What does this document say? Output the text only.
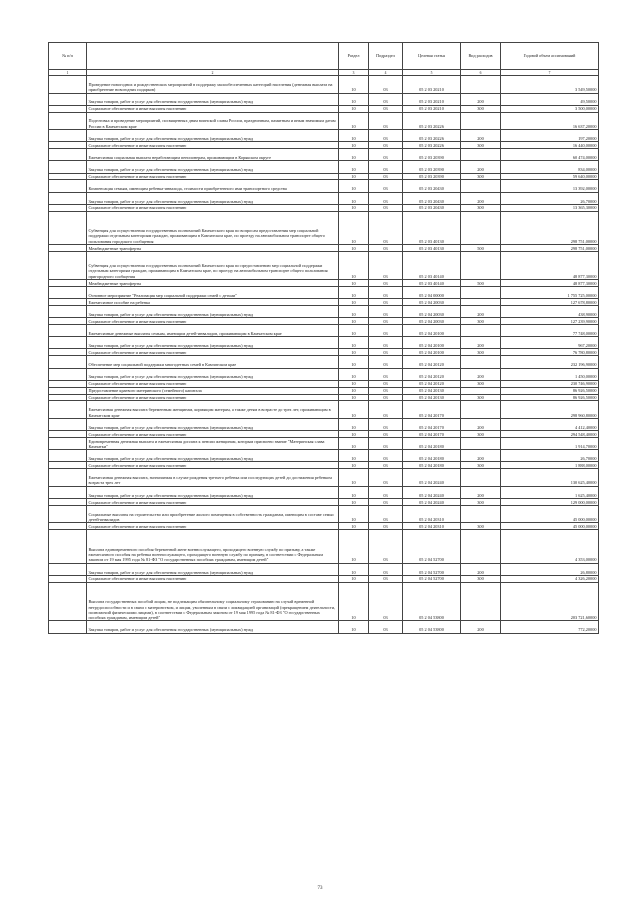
№ п/п		Раздел	Подраздел	Целевая статья	Вид расходов	Годовой объем ассигнований
1	2	3	4	5	6	7
	Проведение новогодних и рождественских мероприятий в поддержку малообеспеченных категорий населения (денежная выплата на приобретение новогодних подарков)	10	03	05 2 03 20210		3 549,50000
	Закупка товаров, работ и услуг для обеспечения государственных (муниципальных) нужд	10	03	05 2 03 20210	200	49,50000
	Социальное обеспечение и иные выплаты населению	10	03	05 2 03 20210	300	3 500,00000
	Подготовка и проведение мероприятий, посвященных дням воинской славы России, праздничным, памятным и иным значимым датам России в Камчатском крае	10	03	05 2 03 20226		16 637,20000
	Закупка товаров, работ и услуг для обеспечения государственных (муниципальных) нужд	10	03	05 2 03 20226	200	197,20000
	Социальное обеспечение и иные выплаты населению	10	03	05 2 03 20226	300	16 440,00000
	Ежемесячная социальная выплата неработающим пенсионерам, проживающим в Корякском округе	10	03	05 2 03 20390		60 474,00000
	Закупка товаров, работ и услуг для обеспечения государственных (муниципальных) нужд	10	03	05 2 03 20390	200	834,00000
	Социальное обеспечение и иные выплаты населению	10	03	05 2 03 20390	300	59 640,00000
	Компенсация семьям, имеющим ребенка-инвалида, стоимости приобретенного ими транспортного средства	10	03	05 2 03 20430		13 392,00000
	Закупка товаров, работ и услуг для обеспечения государственных (муниципальных) нужд	10	03	05 2 03 20430	200	26,70000
	Социальное обеспечение и иные выплаты населению	10	03	05 2 03 20430	300	13 365,30000
	Субвенция для осуществления государственных полномочий Камчатского края по вопросам предоставления мер социальной поддержки отдельным категориям граждан, проживающим в Камчатском крае, по проезду на автомобильном транспорте общего пользования городского сообщения	10	03	05 2 03 40130		298 751,00000
	Межбюджетные трансферты	10	03	05 2 03 40130	500	298 751,00000
	Субвенция для осуществления государственных полномочий Камчатского края по предоставлению мер социальной поддержки отдельным категориям граждан, проживающим в Камчатском крае, по проезду на автомобильном транспорте общего пользования пригородного сообщения	10	03	05 2 03 40140		48 877,30000
	Межбюджетные трансферты	10	03	05 2 03 40140	500	48 877,30000
	Основное мероприятие "Реализация мер социальной поддержки семей с детьми"	10	03	05 2 04 00000		1 755 725,00000
	Ежемесячное пособие на ребенка	10	03	05 2 04 20030		127 678,80000
	Закупка товаров, работ и услуг для обеспечения государственных (муниципальных) нужд	10	03	05 2 04 20030	200	438,90000
	Социальное обеспечение и иные выплаты населению	10	03	05 2 04 20030	300	127 239,90000
	Ежемесячные денежные выплаты семьям, имеющим детей-инвалидов, проживающим в Камчатском крае	10	03	05 2 04 20100		77 748,00000
	Закупка товаров, работ и услуг для обеспечения государственных (муниципальных) нужд	10	03	05 2 04 20100	200	967,20000
	Социальное обеспечение и иные выплаты населению	10	03	05 2 04 20100	300	76 780,80000
	Обеспечение мер социальной поддержки многодетных семей в Камчатском крае	10	03	05 2 04 20120		232 196,90000
	Закупка товаров, работ и услуг для обеспечения государственных (муниципальных) нужд	10	03	05 2 04 20120	200	1 450,00000
	Социальное обеспечение и иные выплаты населению	10	03	05 2 04 20120	300	230 746,90000
	Предоставление краевого материнского (семейного) капитала	10	03	05 2 04 20130		86 926,50000
	Социальное обеспечение и иные выплаты населению	10	03	05 2 04 20130	300	86 926,50000
	Ежемесячная денежная выплата беременным женщинам, кормящим матерям, а также детям в возрасте до трех лет, проживающим в Камчатском крае	10	03	05 2 04 20170		298 960,80000
	Закупка товаров, работ и услуг для обеспечения государственных (муниципальных) нужд	10	03	05 2 04 20170	200	4 412,40000
	Социальное обеспечение и иные выплаты населению	10	03	05 2 04 20170	300	294 548,40000
	Единовременная денежная выплата и ежемесячная доплата к пенсии женщинам, которым присвоено звание "Материнская слава Камчатки"	10	03	05 2 04 20180		1 914,70000
	Закупка товаров, работ и услуг для обеспечения государственных (муниципальных) нужд	10	03	05 2 04 20180	200	26,70000
	Социальное обеспечение и иные выплаты населению	10	03	05 2 04 20180	300	1 888,00000
	Ежемесячная денежная выплата, назначаемая в случае рождения третьего ребенка или последующих детей до достижения ребенком возраста трех лет	10	03	05 2 04 20240		130 625,40000
	Закупка товаров, работ и услуг для обеспечения государственных (муниципальных) нужд	10	03	05 2 04 20240	200	1 625,40000
	Социальное обеспечение и иные выплаты населению	10	03	05 2 04 20240	300	129 000,00000
	Социальные выплаты на строительство или приобретение жилого помещения в собственность гражданам, имеющим в составе семьи детей-инвалидов	10	03	05 2 04 20310		45 000,00000
	Социальное обеспечение и иные выплаты населению	10	03	05 2 04 20310	300	45 000,00000
	Выплата единовременного пособия беременной жене военнослужащего, проходящего военную службу по призыву, а также ежемесячного пособия на ребенка военнослужащего, проходящего военную службу по призыву, в соответствии с Федеральным законом от 19 мая 1995 года № 81-ФЗ "О государственных пособиях гражданам, имеющим детей"	10	03	05 2 04 52700		4 353,00000
	Закупка товаров, работ и услуг для обеспечения государственных (муниципальных) нужд	10	03	05 2 04 52700	200	26,80000
	Социальное обеспечение и иные выплаты населению	10	03	05 2 04 52700	300	4 326,20000
	Выплата государственных пособий лицам, не подлежащим обязательному социальному страхованию на случай временной нетрудоспособности и в связи с материнством, и лицам, уволенным в связи с ликвидацией организаций (прекращением деятельности, полномочий физическими лицами), в соответствии с Федеральным законом от 19 мая 1995 года № 81-ФЗ "О государственных пособиях гражданам, имеющим детей"	10	03	05 2 04 53800		203 721,60000
	Закупка товаров, работ и услуг для обеспечения государственных (муниципальных) нужд	10	03	05 2 04 53800	200	772,20000
73
